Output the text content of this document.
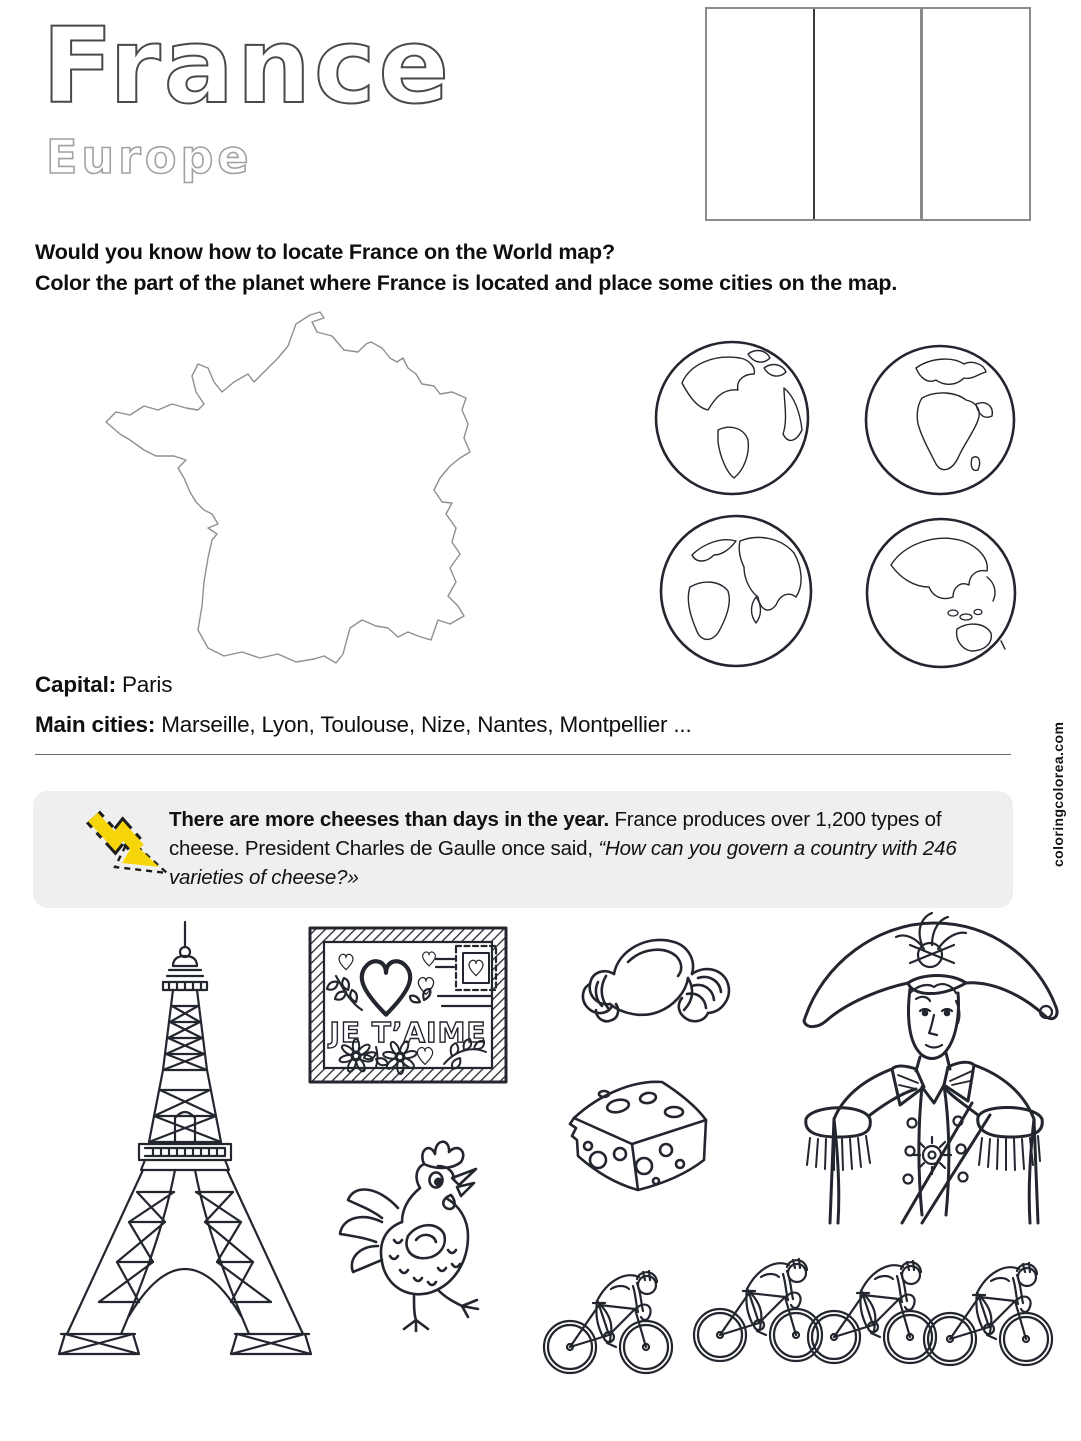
France
Europe
Would you know how to locate France on the World map?
Color the part of the planet where France is located and place some cities on the map.
Capital: Paris
Main cities: Marseille, Lyon, Toulouse, Nize, Nantes, Montpellier ...
There are more cheeses than days in the year. France produces over 1,200 types of cheese. President Charles de Gaulle once said, “How can you govern a country with 246 varieties of cheese?»
JE T’AIME
coloringcolorea.com
